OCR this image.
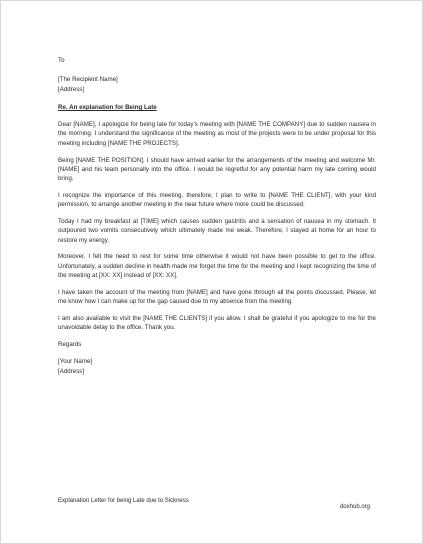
To
[The Recipient Name]
[Address]
Re. An explanation for Being Late

Dear [NAME], I apologize for being late for today’s meeting with [NAME THE COMPANY] due to sudden nausea in the morning. I understand the significance of the meeting as most of the projects were to be under proposal for this meeting including [NAME THE PROJECTS].

Being [NAME THE POSITION], I should have arrived earlier for the arrangements of the meeting and welcome Mr. [NAME] and his team personally into the office. I would be regretful for any potential harm my late coming would bring.

I recognize the importance of this meeting, therefore, I plan to write to [NAME THE CLIENT], with your kind permission, to arrange another meeting in the near future where more could be discussed.

Today I had my breakfast at [TIME] which causes sudden gastritis and a sensation of nausea in my stomach. It outpoured two vomits consecutively which ultimately made me weak. Therefore, I stayed at home for an hour to restore my energy.

Moreover, I felt the need to rest for some time otherwise it would not have been possible to get to the office. Unfortunately, a sudden decline in health made me forget the time for the meeting and I kept recognizing the time of the meeting at [XX: XX] instead of [XX: XX].

I have taken the account of the meeting from [NAME] and have gone through all the points discussed. Please, let me know how I can make up for the gap caused due to my absence from the meeting.

I am also available to visit the [NAME THE CLIENTS] if you allow. I shall be grateful if you apologize to me for the unavoidable delay to the office. Thank you.

Regards
[Your Name]
[Address]
Explanation Letter for being Late due to Sickness
doxhub.org
